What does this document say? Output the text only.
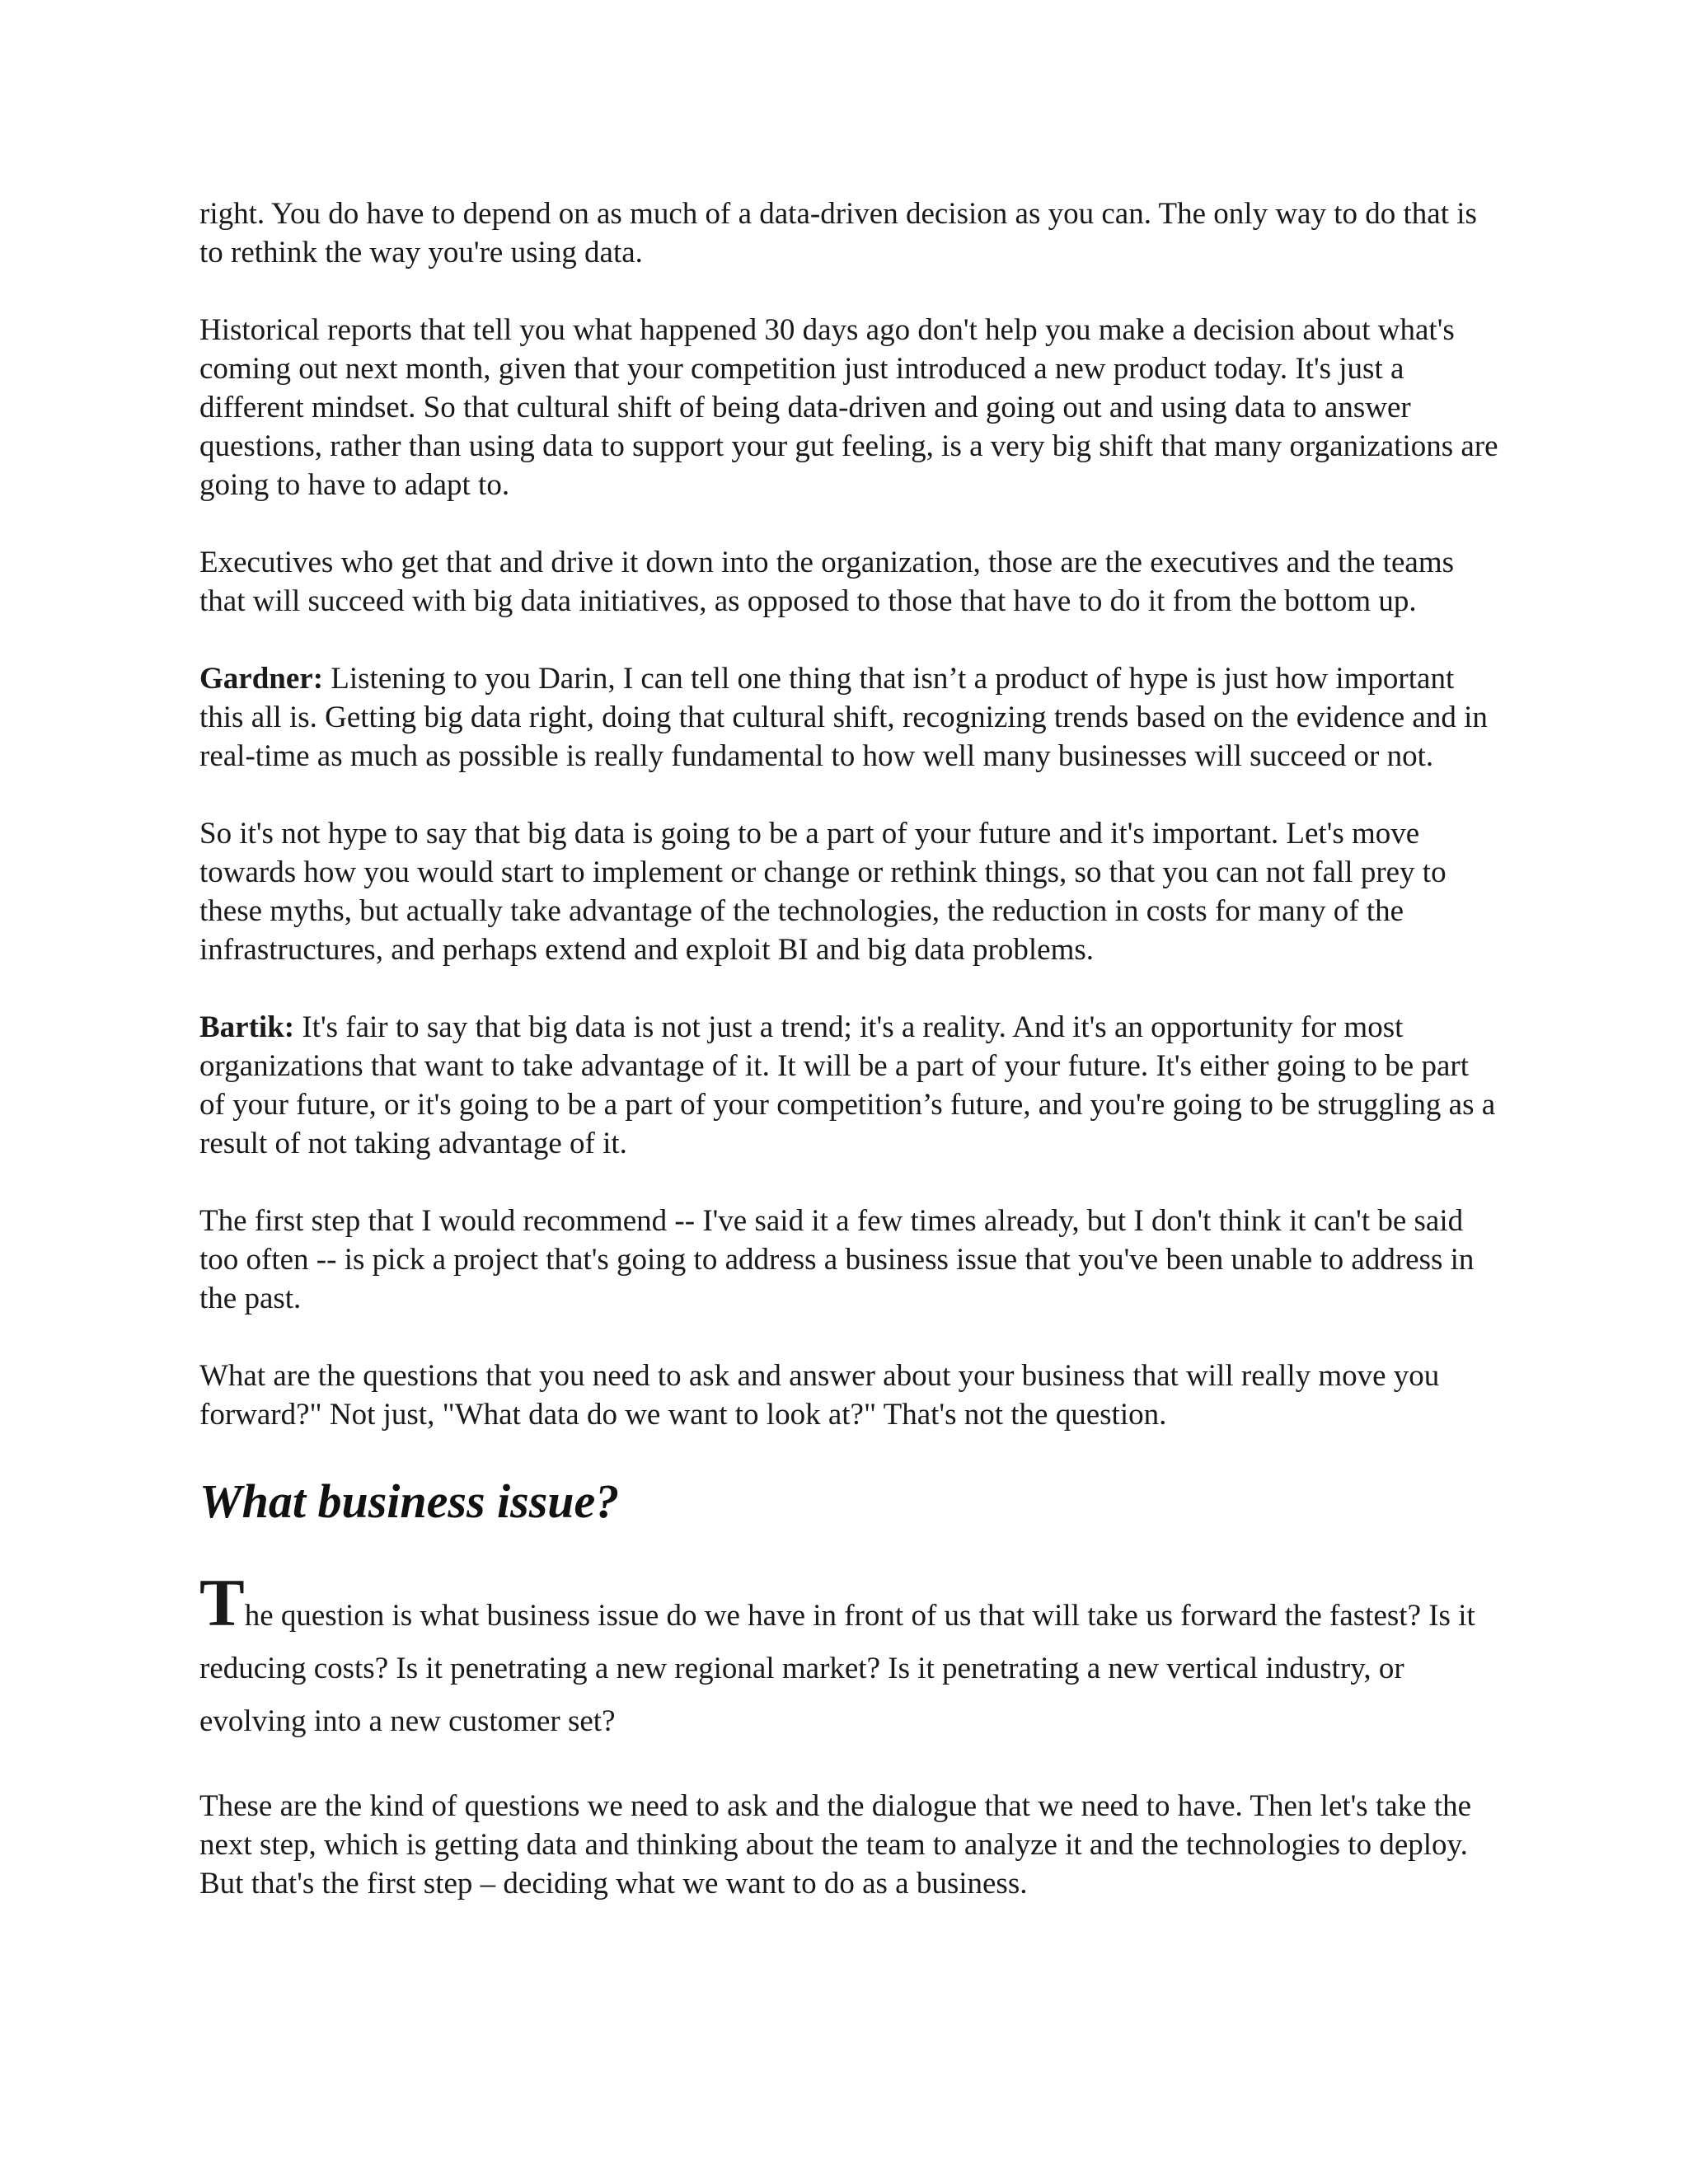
right. You do have to depend on as much of a data-driven decision as you can. The only way to do that is to rethink the way you're using data.

Historical reports that tell you what happened 30 days ago don't help you make a decision about what's coming out next month, given that your competition just introduced a new product today. It's just a different mindset. So that cultural shift of being data-driven and going out and using data to answer questions, rather than using data to support your gut feeling, is a very big shift that many organizations are going to have to adapt to.

Executives who get that and drive it down into the organization, those are the executives and the teams that will succeed with big data initiatives, as opposed to those that have to do it from the bottom up.

Gardner: Listening to you Darin, I can tell one thing that isn’t a product of hype is just how important this all is. Getting big data right, doing that cultural shift, recognizing trends based on the evidence and in real-time as much as possible is really fundamental to how well many businesses will succeed or not.

So it's not hype to say that big data is going to be a part of your future and it's important. Let's move towards how you would start to implement or change or rethink things, so that you can not fall prey to these myths, but actually take advantage of the technologies, the reduction in costs for many of the infrastructures, and perhaps extend and exploit BI and big data problems.

Bartik: It's fair to say that big data is not just a trend; it's a reality. And it's an opportunity for most organizations that want to take advantage of it. It will be a part of your future. It's either going to be part of your future, or it's going to be a part of your competition’s future, and you're going to be struggling as a result of not taking advantage of it.

The first step that I would recommend -- I've said it a few times already, but I don't think it can't be said too often -- is pick a project that's going to address a business issue that you've been unable to address in the past.

What are the questions that you need to ask and answer about your business that will really move you forward?" Not just, "What data do we want to look at?" That's not the question.

What business issue?

The question is what business issue do we have in front of us that will take us forward the fastest? Is it reducing costs? Is it penetrating a new regional market? Is it penetrating a new vertical industry, or evolving into a new customer set?

These are the kind of questions we need to ask and the dialogue that we need to have. Then let's take the next step, which is getting data and thinking about the team to analyze it and the technologies to deploy. But that's the first step – deciding what we want to do as a business.
